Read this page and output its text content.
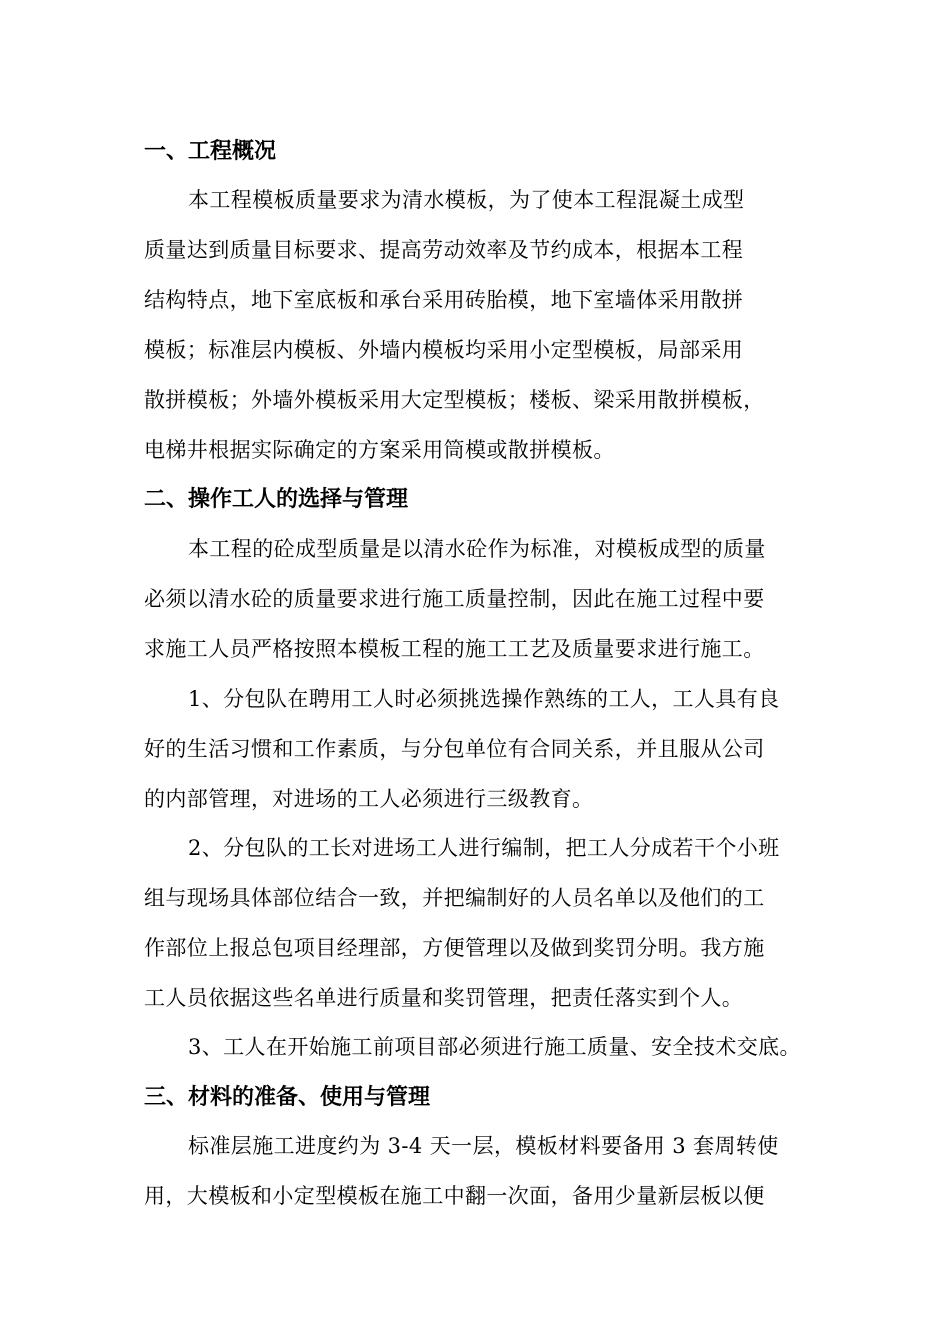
一、工程概况
本工程模板质量要求为清水模板，为了使本工程混凝土成型
质量达到质量目标要求、提高劳动效率及节约成本，根据本工程
结构特点，地下室底板和承台采用砖胎模，地下室墙体采用散拼
模板；标准层内模板、外墙内模板均采用小定型模板，局部采用
散拼模板；外墙外模板采用大定型模板；楼板、梁采用散拼模板，
电梯井根据实际确定的方案采用筒模或散拼模板。
二、操作工人的选择与管理
本工程的砼成型质量是以清水砼作为标准，对模板成型的质量
必须以清水砼的质量要求进行施工质量控制，因此在施工过程中要
求施工人员严格按照本模板工程的施工工艺及质量要求进行施工。
1、分包队在聘用工人时必须挑选操作熟练的工人，工人具有良
好的生活习惯和工作素质，与分包单位有合同关系，并且服从公司
的内部管理，对进场的工人必须进行三级教育。
2、分包队的工长对进场工人进行编制，把工人分成若干个小班
组与现场具体部位结合一致，并把编制好的人员名单以及他们的工
作部位上报总包项目经理部，方便管理以及做到奖罚分明。我方施
工人员依据这些名单进行质量和奖罚管理，把责任落实到个人。
3、工人在开始施工前项目部必须进行施工质量、安全技术交底。
三、材料的准备、使用与管理
标准层施工进度约为 3-4 天一层，模板材料要备用 3 套周转使
用，大模板和小定型模板在施工中翻一次面，备用少量新层板以便
